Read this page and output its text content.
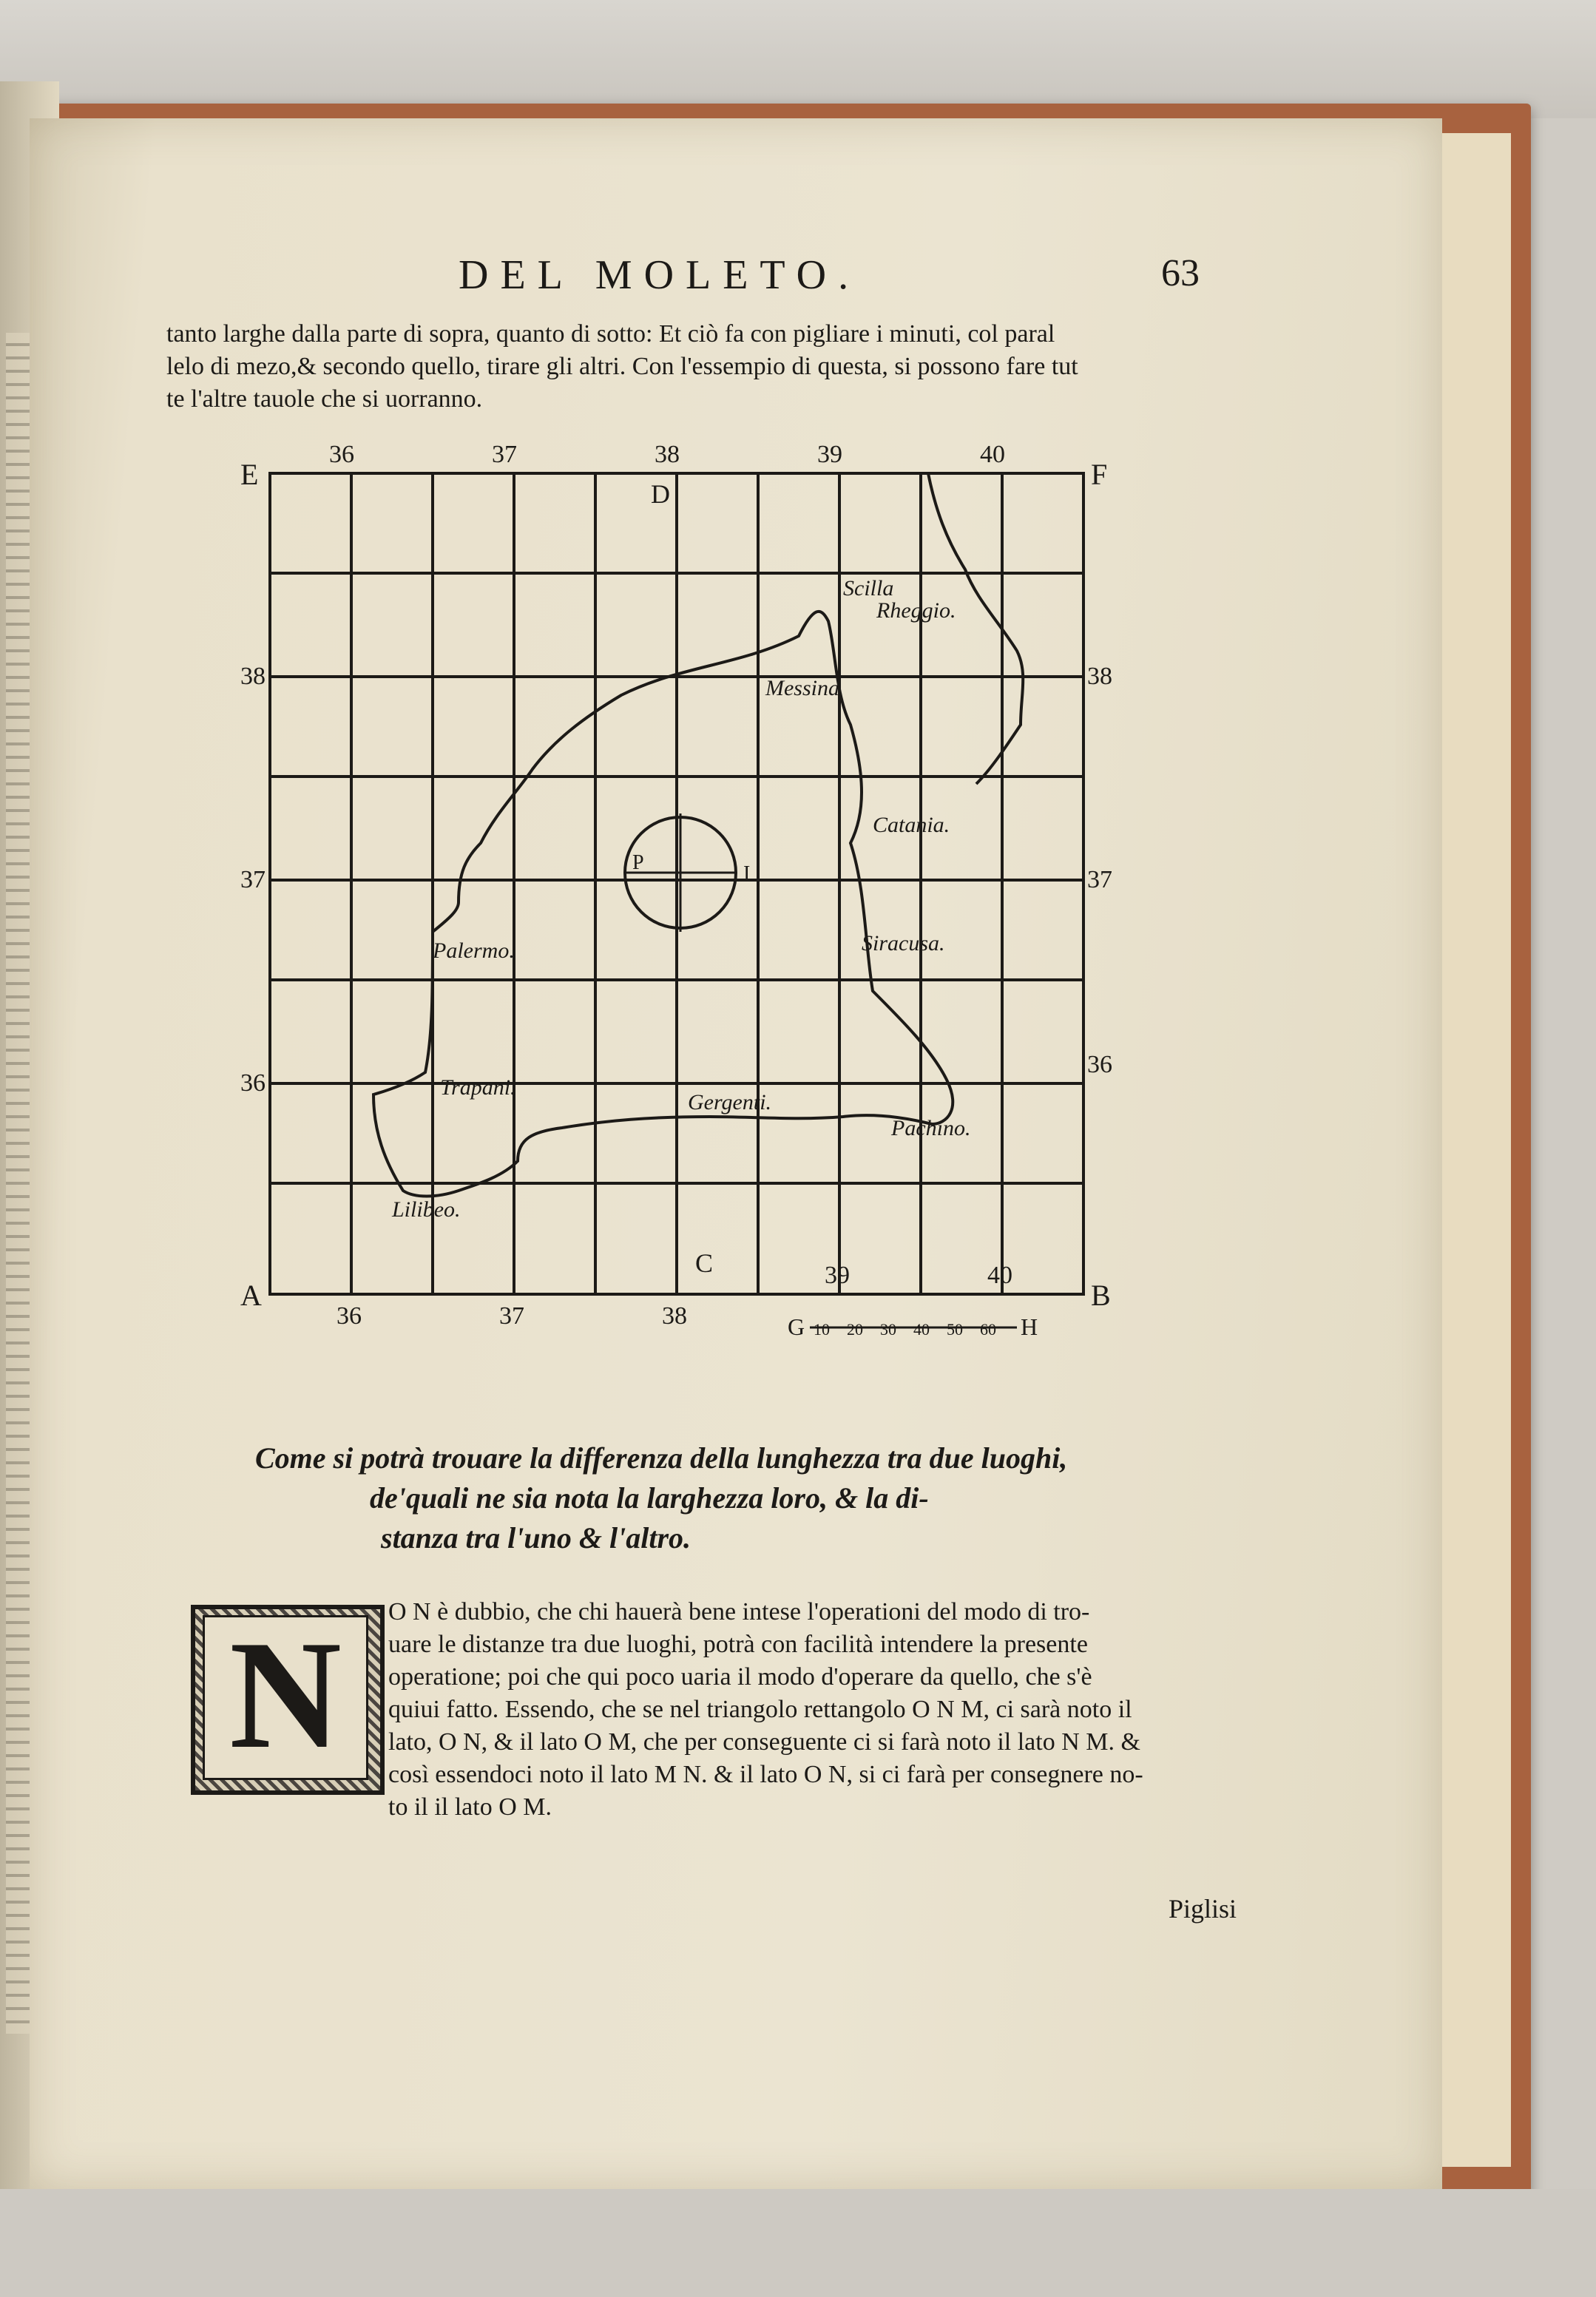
DEL MOLETO.	63
tanto larghe dalla parte di sopra, quanto di sotto: Et ciò fa con pigliare i minuti, col paral
lelo di mezo,& secondo quello, tirare gli altri. Con l'essempio di questa, si possono fare tut
te l'altre tauole che si uorranno.
E	F
A	B
D
C
P	I
36	37	38	39	40
36	37	38
39	40
38
37
36
38
37
36
Scilla
Rheggio.
Messina
Catania.
Siracusa.
Palermo.
Trapani.
Gergenti.
Pachino.
Lilibeo.
G 10 20 30 40 50 60 H
Come si potrà trouare la differenza della lunghezza tra due luoghi,
de'quali ne sia nota la larghezza loro, & la di-
stanza tra l'uno & l'altro.
N	O N è dubbio, che chi hauerà bene intese l'operationi del modo di tro-
uare le distanze tra due luoghi, potrà con facilità intendere la presente
operatione; poi che qui poco uaria il modo d'operare da quello, che s'è
quiui fatto. Essendo, che se nel triangolo rettangolo O N M, ci sarà noto il
lato, O N, & il lato O M, che per conseguente ci si farà noto il lato N M. &
così essendoci noto il lato M N. & il lato O N, si ci farà per consegnere no-
to il il lato O M.
Piglisi
